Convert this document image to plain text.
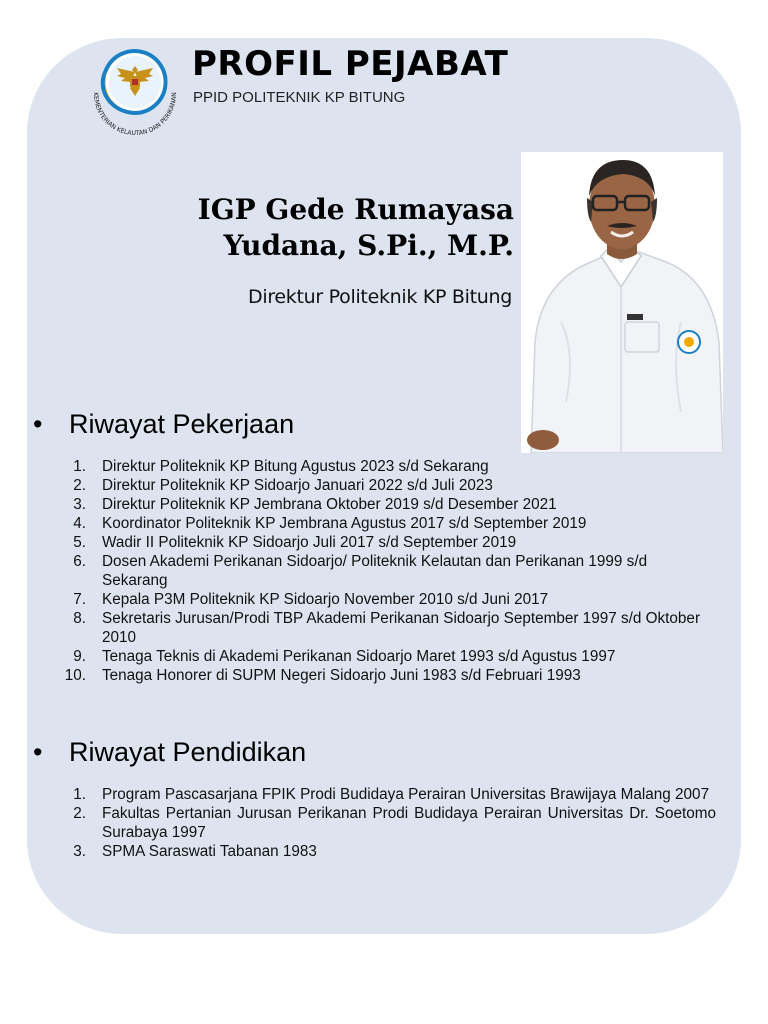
KEMENTERIAN KELAUTAN DAN PERIKANAN
PROFIL PEJABAT
PPID POLITEKNIK KP BITUNG
IGP Gede Rumayasa
Yudana, S.Pi., M.P.
Direktur Politeknik KP Bitung
• Riwayat Pekerjaan
1.	Direktur Politeknik KP Bitung Agustus 2023 s/d Sekarang
2.	Direktur Politeknik KP Sidoarjo Januari 2022 s/d Juli 2023
3.	Direktur Politeknik KP Jembrana Oktober 2019 s/d Desember 2021
4.	Koordinator Politeknik KP Jembrana Agustus 2017 s/d September 2019
5.	Wadir II Politeknik KP Sidoarjo Juli 2017 s/d September 2019
6.	Dosen Akademi Perikanan Sidoarjo/ Politeknik Kelautan dan Perikanan 1999 s/d Sekarang
7.	Kepala P3M Politeknik KP Sidoarjo November 2010 s/d Juni 2017
8.	Sekretaris Jurusan/Prodi TBP Akademi Perikanan Sidoarjo September 1997 s/d Oktober 2010
9.	Tenaga Teknis di Akademi Perikanan Sidoarjo Maret 1993 s/d Agustus 1997
10.	Tenaga Honorer di SUPM Negeri Sidoarjo Juni 1983 s/d Februari 1993
• Riwayat Pendidikan
1.	Program Pascasarjana FPIK Prodi Budidaya Perairan Universitas Brawijaya Malang 2007
2.	Fakultas Pertanian Jurusan Perikanan Prodi Budidaya Perairan Universitas Dr. Soetomo Surabaya 1997
3.	SPMA Saraswati Tabanan 1983
